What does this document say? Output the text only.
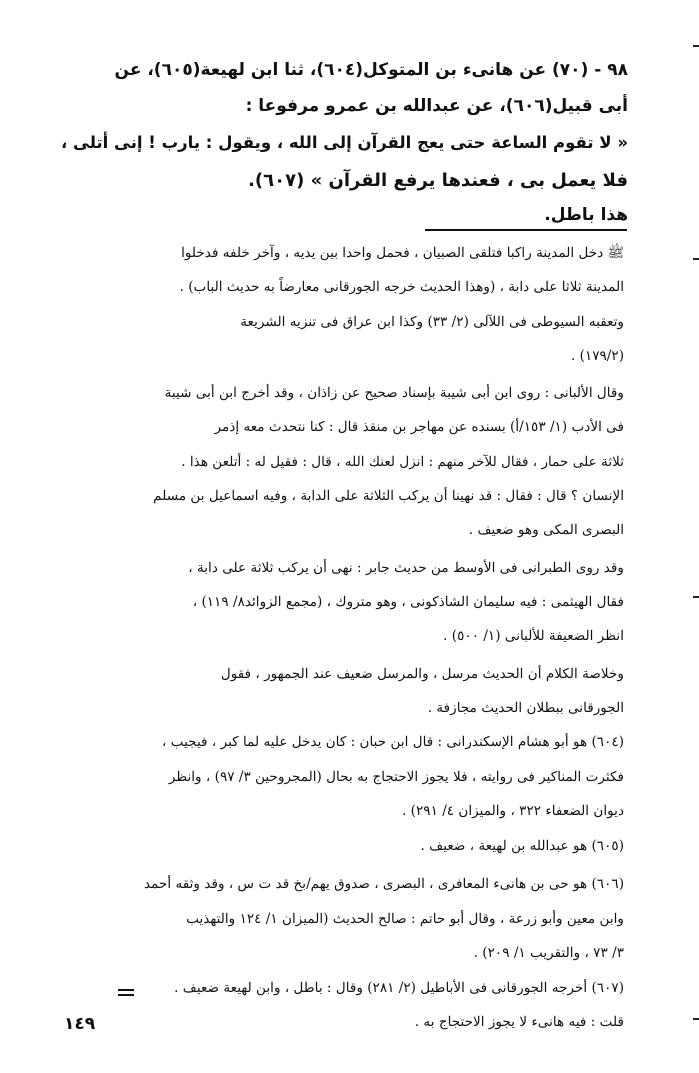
٩٨ - (٧٠) عن هانىء بن المتوكل(٦٠٤)، ثنا ابن لهيعة(٦٠٥)، عن

أبى قبيل(٦٠٦)، عن عبدالله بن عمرو مرفوعا :

« لا تقوم الساعة حتى يعج القرآن إلى الله ، ويقول : يارب ! إنى أتلى ،

فلا يعمل بى ، فعندها يرفع القرآن » (٦٠٧).

هذا باطل.

ﷺ دخل المدينة راكبا فتلقى الصبيان ، فحمل واحدا بين يديه ، وآخر خلفه فدخلوا

المدينة ثلاثا على دابة ، (وهذا الحديث خرجه الجورقانى معارضاً به حديث الباب) .

وتعقبه السيوطى فى اللآلى (٢/ ٣٣) وكذا ابن عراق فى تنزيه الشريعة

(١٧٩/٢) .

وقال الألبانى : روى ابن أبى شيبة بإسناد صحيح عن زاذان ، وقد أخرج ابن أبى شيبة

فى الأدب (١/ ١٥٣/أ) بسنده عن مهاجر بن منقذ قال : كنا نتحدث معه إذمر

ثلاثة على حمار ، فقال للآخر منهم : انزل لعنك الله ، قال : فقيل له : أتلعن هذا .

الإنسان ؟ قال : فقال : قد نهينا أن يركب الثلاثة على الدابة ، وفيه اسماعيل بن مسلم

البصرى المكى وهو ضعيف .

وقد روى الطبرانى فى الأوسط من حديث جابر : نهى أن يركب ثلاثة على دابة ،

فقال الهيثمى : فيه سليمان الشاذكونى ، وهو متروك ، (مجمع الزوائد٨/ ١١٩) ،

انظر الضعيفة للألبانى (١/ ٥٠٠) .

وخلاصة الكلام أن الحديث مرسل ، والمرسل ضعيف عند الجمهور ، فقول

الجورقانى ببطلان الحديث مجازفة .

(٦٠٤) هو أبو هشام الإسكندرانى : قال ابن حبان : كان يدخل عليه لما كبر ، فيجيب ،

فكثرت المناكير فى روايته ، فلا يجوز الاحتجاج به بحال (المجروحين ٣/ ٩٧) ، وانظر

ديوان الضعفاء ٣٢٢ ، والميزان ٤/ ٢٩١) .

(٦٠٥) هو عبدالله بن لهيعة ، ضعيف .

(٦٠٦) هو حى بن هانىء المعافرى ، البصرى ، صدوق يهم/بخ قد ت س ، وقد وثقه أحمد

وابن معين وأبو زرعة ، وقال أبو حاتم : صالح الحديث (الميزان ١/ ١٢٤ والتهذيب

٣/ ٧٣ ، والتقريب ١/ ٢٠٩) .

(٦٠٧) أخرجه الجورقانى فى الأباطيل (٢/ ٢٨١) وقال : باطل ، وابن لهيعة ضعيف .

قلت : فيه هانىء لا يجوز الاحتجاج به .

١٤٩
